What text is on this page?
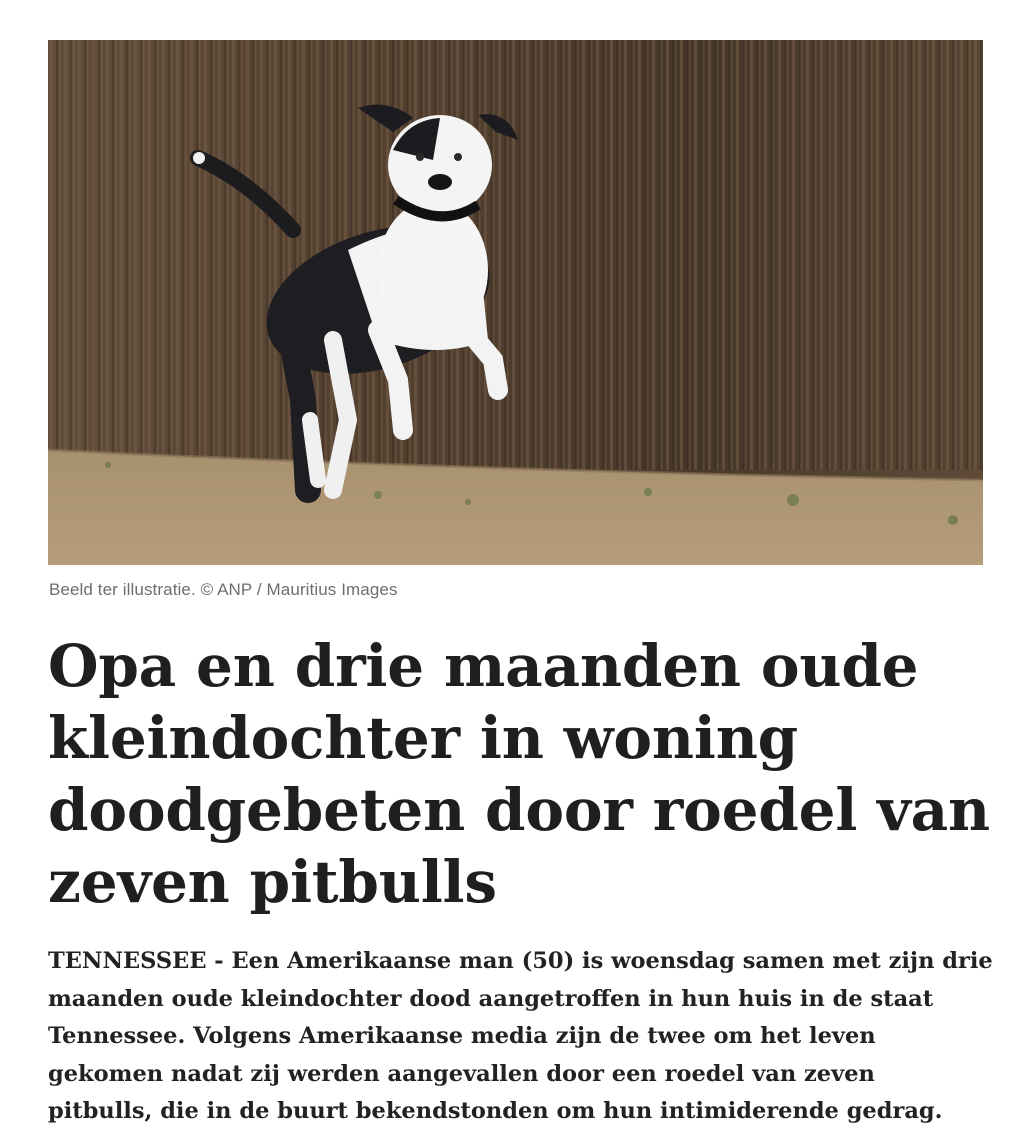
Beeld ter illustratie. © ANP / Mauritius Images
Opa en drie maanden oude
kleindochter in woning
doodgebeten door roedel van
zeven pitbulls

TENNESSEE - Een Amerikaanse man (50) is woensdag samen met zijn drie
maanden oude kleindochter dood aangetroffen in hun huis in de staat
Tennessee. Volgens Amerikaanse media zijn de twee om het leven
gekomen nadat zij werden aangevallen door een roedel van zeven
pitbulls, die in de buurt bekendstonden om hun intimiderende gedrag.
